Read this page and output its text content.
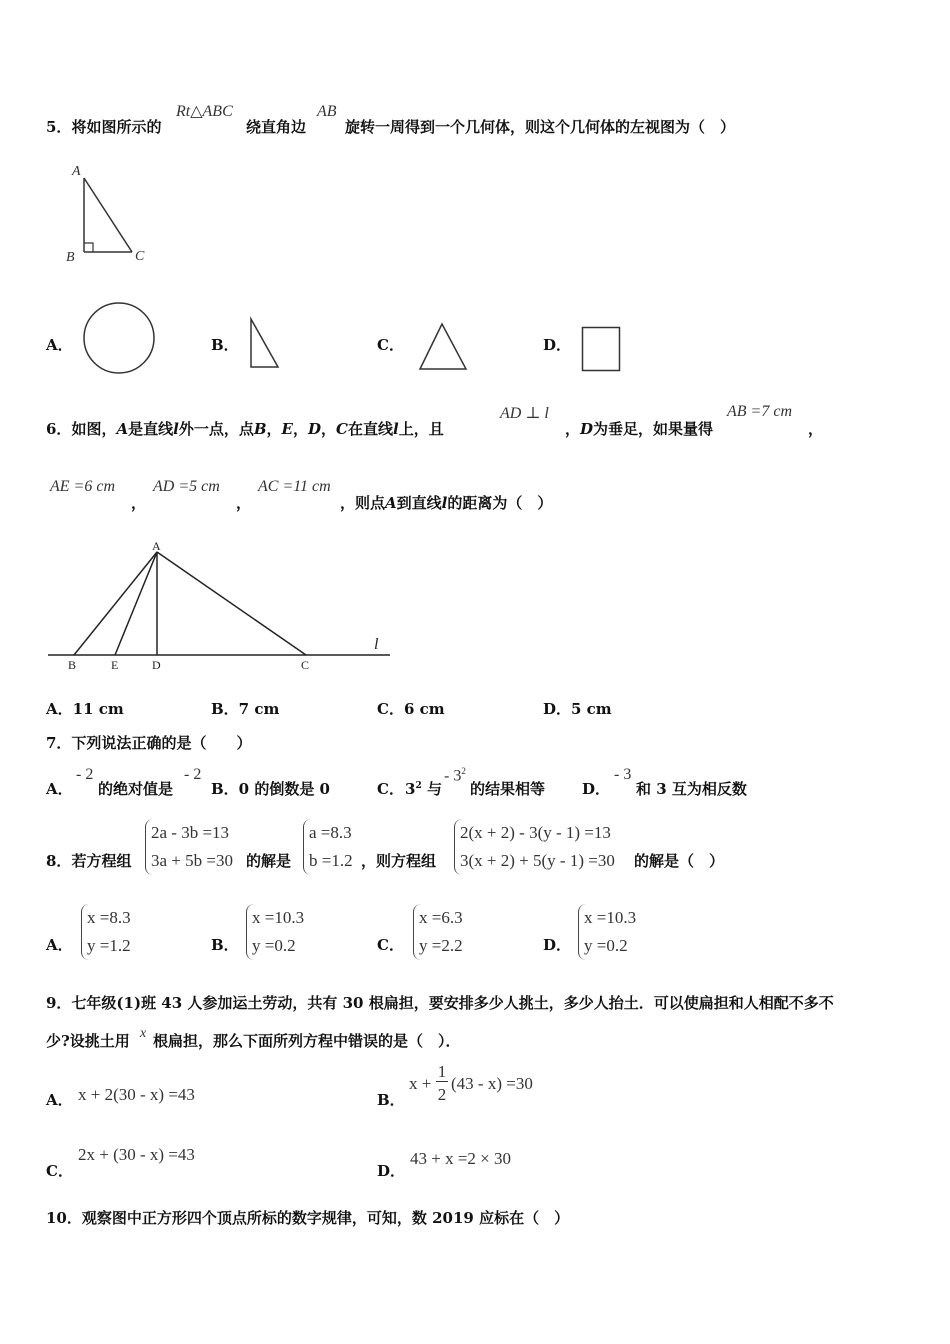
5．将如图所示的
Rt△ABC
绕直角边
AB
旋转一周得到一个几何体，则这个几何体的左视图为（　）
A
B	C
A．	B．	C．	D．
6．如图，A是直线l外一点，点B，E，D，C在直线l上，且
AD ⊥ l
，D为垂足，如果量得
AB =7 cm
，
AE =6 cm
，
AD =5 cm
，
AC =11 cm
，则点A到直线l的距离为（　）
A
B	E	D	C
l
A．11 cm	B．7 cm	C．6 cm	D．5 cm
7．下列说法正确的是（　　）
A．
- 2
的绝对值是
- 2
B．0 的倒数是 0	C． $3^2$ 与
- $3^2$
的结果相等 D．
- 3
和 3 互为相反数
8．若方程组
2a - 3b =13
3a + 5b =30 的解是
a =8.3
b =1.2 ，则方程组
2(x + 2) - 3(y - 1) =13
3(x + 2) + 5(y - 1) =30 的解是（　）
A．
x =8.3
y =1.2	B．
x =10.3
y =0.2	C．
x =6.3
y =2.2	D．
x =10.3
y =0.2
9．七年级(1)班 43 人参加运土劳动，共有 30 根扁担，要安排多少人挑土，多少人抬土．可以使扁担和人相配不多不
少?设挑土用 x 根扁担，那么下面所列方程中错误的是（　）．
A． x + 2(30 - x) =43	B．
x +
1
2
(43 - x) =30
C．
2x + (30 - x) =43
D．
43 + x =2 × 30
10．观察图中正方形四个顶点所标的数字规律，可知，数 2019 应标在（　）
